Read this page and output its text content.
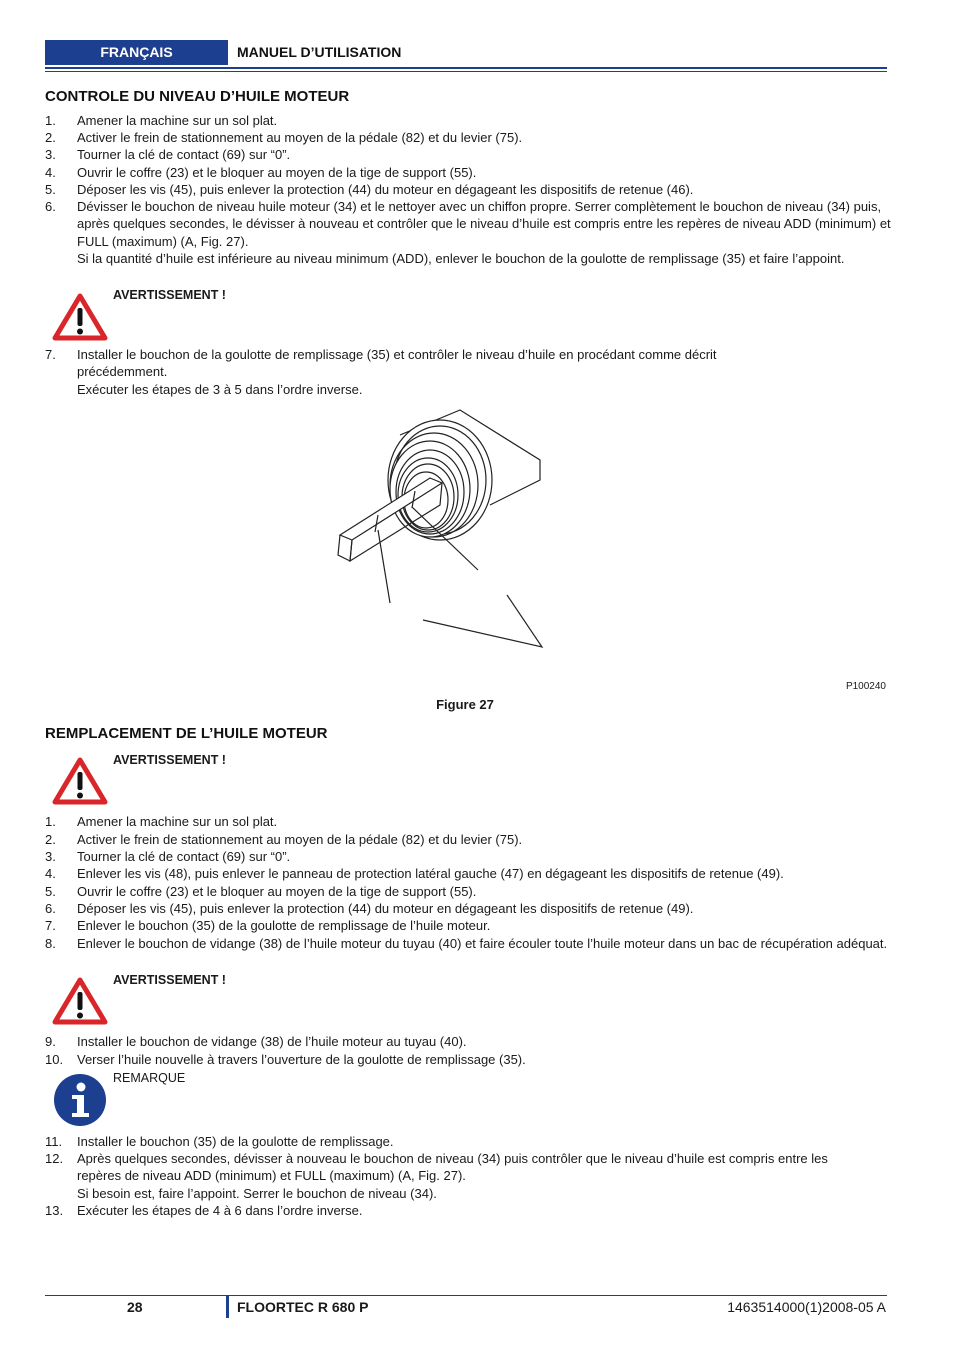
FRANÇAIS	MANUEL D’UTILISATION
CONTROLE DU NIVEAU D’HUILE MOTEUR
1. Amener la machine sur un sol plat.
2. Activer le frein de stationnement au moyen de la pédale (82) et du levier (75).
3. Tourner la clé de contact (69) sur “0”.
4. Ouvrir le coffre (23) et le bloquer au moyen de la tige de support (55).
5. Déposer les vis (45), puis enlever la protection (44) du moteur en dégageant les dispositifs de retenue (46).
6. Dévisser le bouchon de niveau huile moteur (34) et le nettoyer avec un chiffon propre. Serrer complètement le bouchon de niveau (34) puis, après quelques secondes, le dévisser à nouveau et contrôler que le niveau d’huile est compris entre les repères de niveau ADD (minimum) et FULL (maximum) (A, Fig. 27).
Si la quantité d’huile est inférieure au niveau minimum (ADD), enlever le bouchon de la goulotte de remplissage (35) et faire l’appoint.
AVERTISSEMENT !
7. Installer le bouchon de la goulotte de remplissage (35) et contrôler le niveau d’huile en procédant comme décrit précédemment.
Exécuter les étapes de 3 à 5 dans l’ordre inverse.
P100240
Figure 27
REMPLACEMENT DE L’HUILE MOTEUR
AVERTISSEMENT !
1. Amener la machine sur un sol plat.
2. Activer le frein de stationnement au moyen de la pédale (82) et du levier (75).
3. Tourner la clé de contact (69) sur “0”.
4. Enlever les vis (48), puis enlever le panneau de protection latéral gauche (47) en dégageant les dispositifs de retenue (49).
5. Ouvrir le coffre (23) et le bloquer au moyen de la tige de support (55).
6. Déposer les vis (45), puis enlever la protection (44) du moteur en dégageant les dispositifs de retenue (49).
7. Enlever le bouchon (35) de la goulotte de remplissage de l’huile moteur.
8. Enlever le bouchon de vidange (38) de l’huile moteur du tuyau (40) et faire écouler toute l’huile moteur dans un bac de récupération adéquat.
AVERTISSEMENT !
9. Installer le bouchon de vidange (38) de l’huile moteur au tuyau (40).
10. Verser l’huile nouvelle à travers l’ouverture de la goulotte de remplissage (35).
REMARQUE
11. Installer le bouchon (35) de la goulotte de remplissage.
12. Après quelques secondes, dévisser à nouveau le bouchon de niveau (34) puis contrôler que le niveau d’huile est compris entre les repères de niveau ADD (minimum) et FULL (maximum) (A, Fig. 27).
Si besoin est, faire l’appoint. Serrer le bouchon de niveau (34).
13. Exécuter les étapes de 4 à 6 dans l’ordre inverse.
28	FLOORTEC R 680 P	1463514000(1)2008-05 A
